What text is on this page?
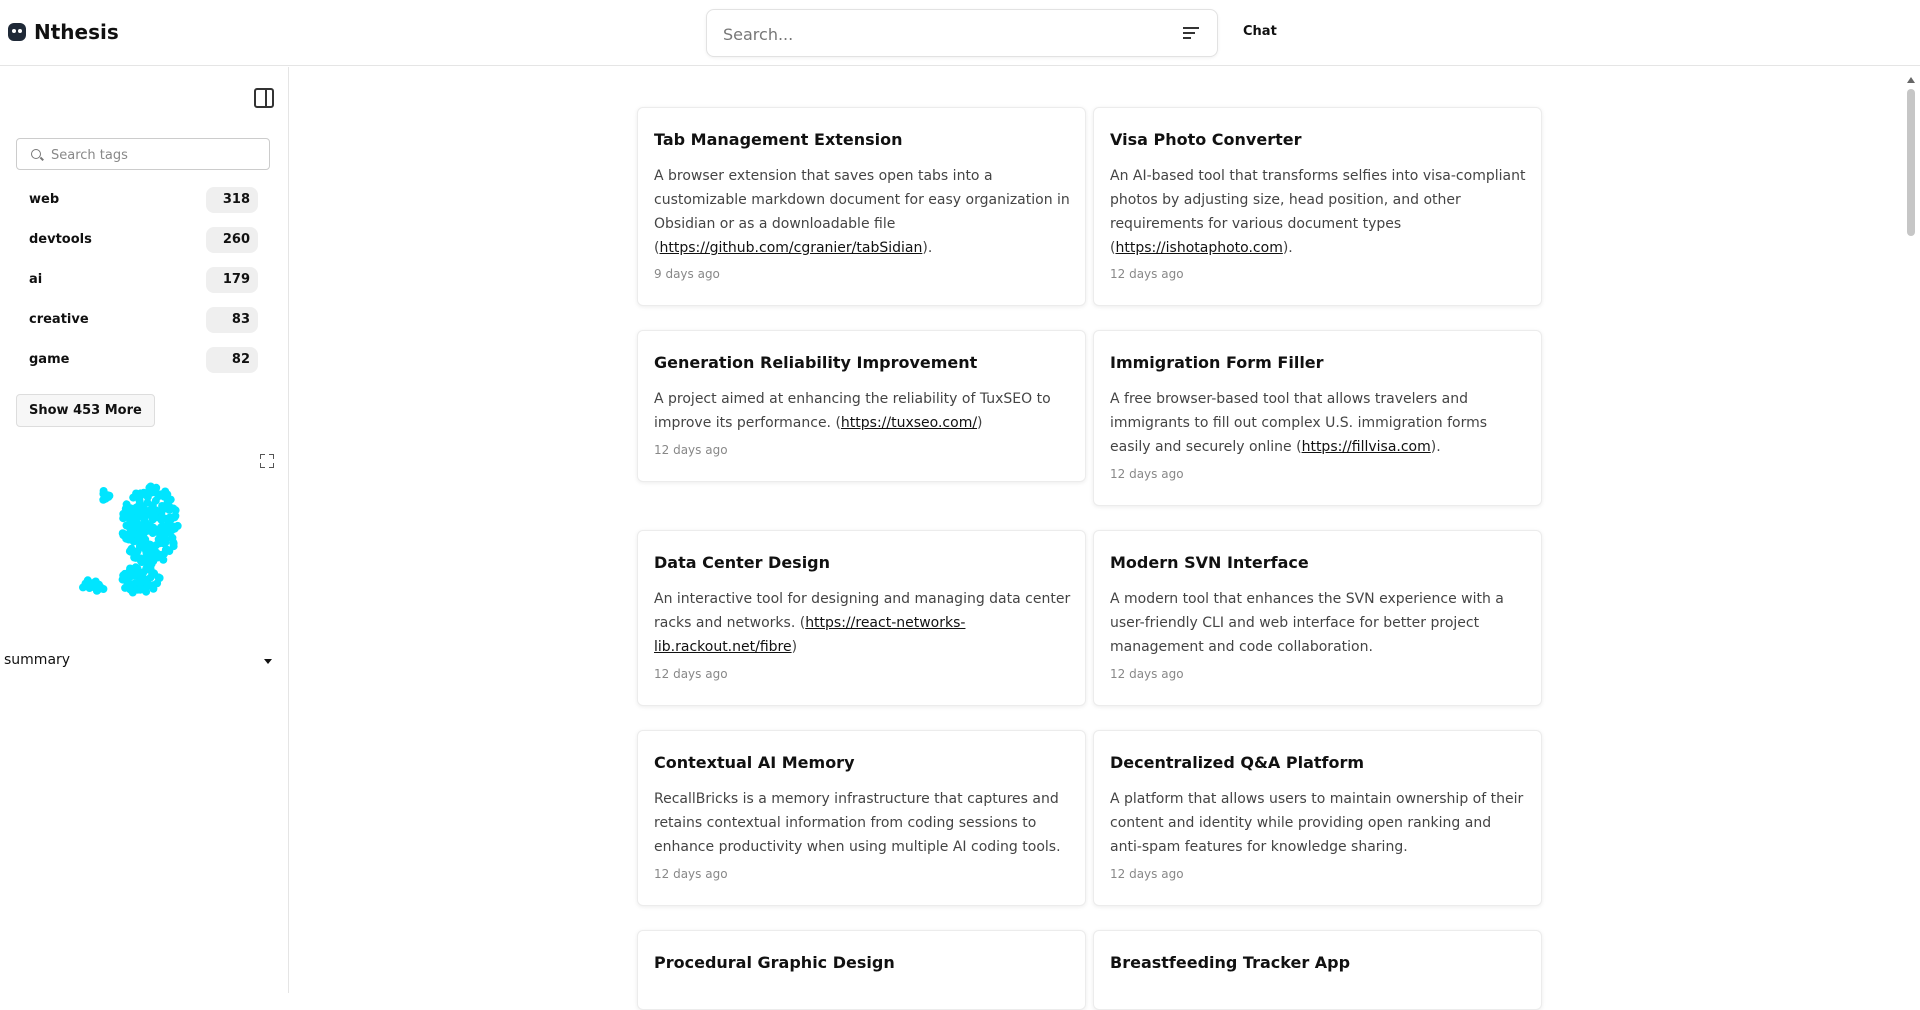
Nthesis
Search...	Chat
Search tags
web	318
devtools	260
ai	179
creative	83
game	82
Show 453 More
summary
Tab Management Extension
A browser extension that saves open tabs into a customizable markdown document for easy organization in Obsidian or as a downloadable file (https://github.com/cgranier/tabSidian).
9 days ago
Visa Photo Converter
An AI-based tool that transforms selfies into visa-compliant photos by adjusting size, head position, and other requirements for various document types (https://ishotaphoto.com).
12 days ago
Generation Reliability Improvement
A project aimed at enhancing the reliability of TuxSEO to improve its performance. (https://tuxseo.com/)
12 days ago
Immigration Form Filler
A free browser-based tool that allows travelers and immigrants to fill out complex U.S. immigration forms easily and securely online (https://fillvisa.com).
12 days ago
Data Center Design
An interactive tool for designing and managing data center racks and networks. (https://react-networks-lib.rackout.net/fibre)
12 days ago
Modern SVN Interface
A modern tool that enhances the SVN experience with a user-friendly CLI and web interface for better project management and code collaboration.
12 days ago
Contextual AI Memory
RecallBricks is a memory infrastructure that captures and retains contextual information from coding sessions to enhance productivity when using multiple AI coding tools.
12 days ago
Decentralized Q&A Platform
A platform that allows users to maintain ownership of their content and identity while providing open ranking and anti-spam features for knowledge sharing.
12 days ago
Procedural Graphic Design	Breastfeeding Tracker App
